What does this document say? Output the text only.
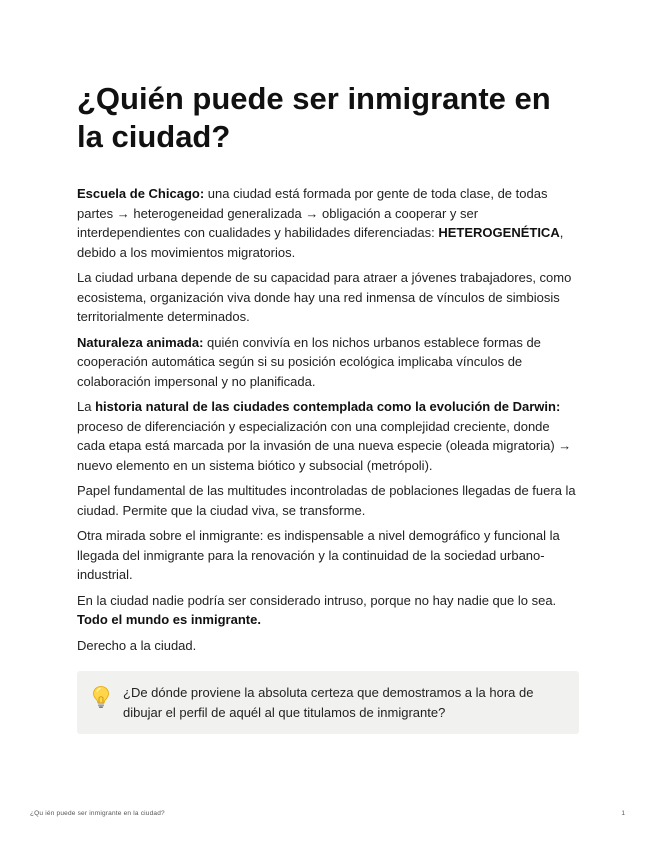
¿Quién puede ser inmigrante en la ciudad?

Escuela de Chicago: una ciudad está formada por gente de toda clase, de todas partes → heterogeneidad generalizada → obligación a cooperar y ser interdependientes con cualidades y habilidades diferenciadas: HETEROGENÉTICA, debido a los movimientos migratorios.

La ciudad urbana depende de su capacidad para atraer a jóvenes trabajadores, como ecosistema, organización viva donde hay una red inmensa de vínculos de simbiosis territorialmente determinados.

Naturaleza animada: quién convivía en los nichos urbanos establece formas de cooperación automática según si su posición ecológica implicaba vínculos de colaboración impersonal y no planificada.

La historia natural de las ciudades contemplada como la evolución de Darwin: proceso de diferenciación y especialización con una complejidad creciente, donde cada etapa está marcada por la invasión de una nueva especie (oleada migratoria) → nuevo elemento en un sistema biótico y subsocial (metrópoli).

Papel fundamental de las multitudes incontroladas de poblaciones llegadas de fuera la ciudad. Permite que la ciudad viva, se transforme.

Otra mirada sobre el inmigrante: es indispensable a nivel demográfico y funcional la llegada del inmigrante para la renovación y la continuidad de la sociedad urbano-industrial.

En la ciudad nadie podría ser considerado intruso, porque no hay nadie que lo sea. Todo el mundo es inmigrante.

Derecho a la ciudad.

¿De dónde proviene la absoluta certeza que demostramos a la hora de dibujar el perfil de aquél al que titulamos de inmigrante?

¿Qu ién puede ser inmigrante en la ciudad?	1
